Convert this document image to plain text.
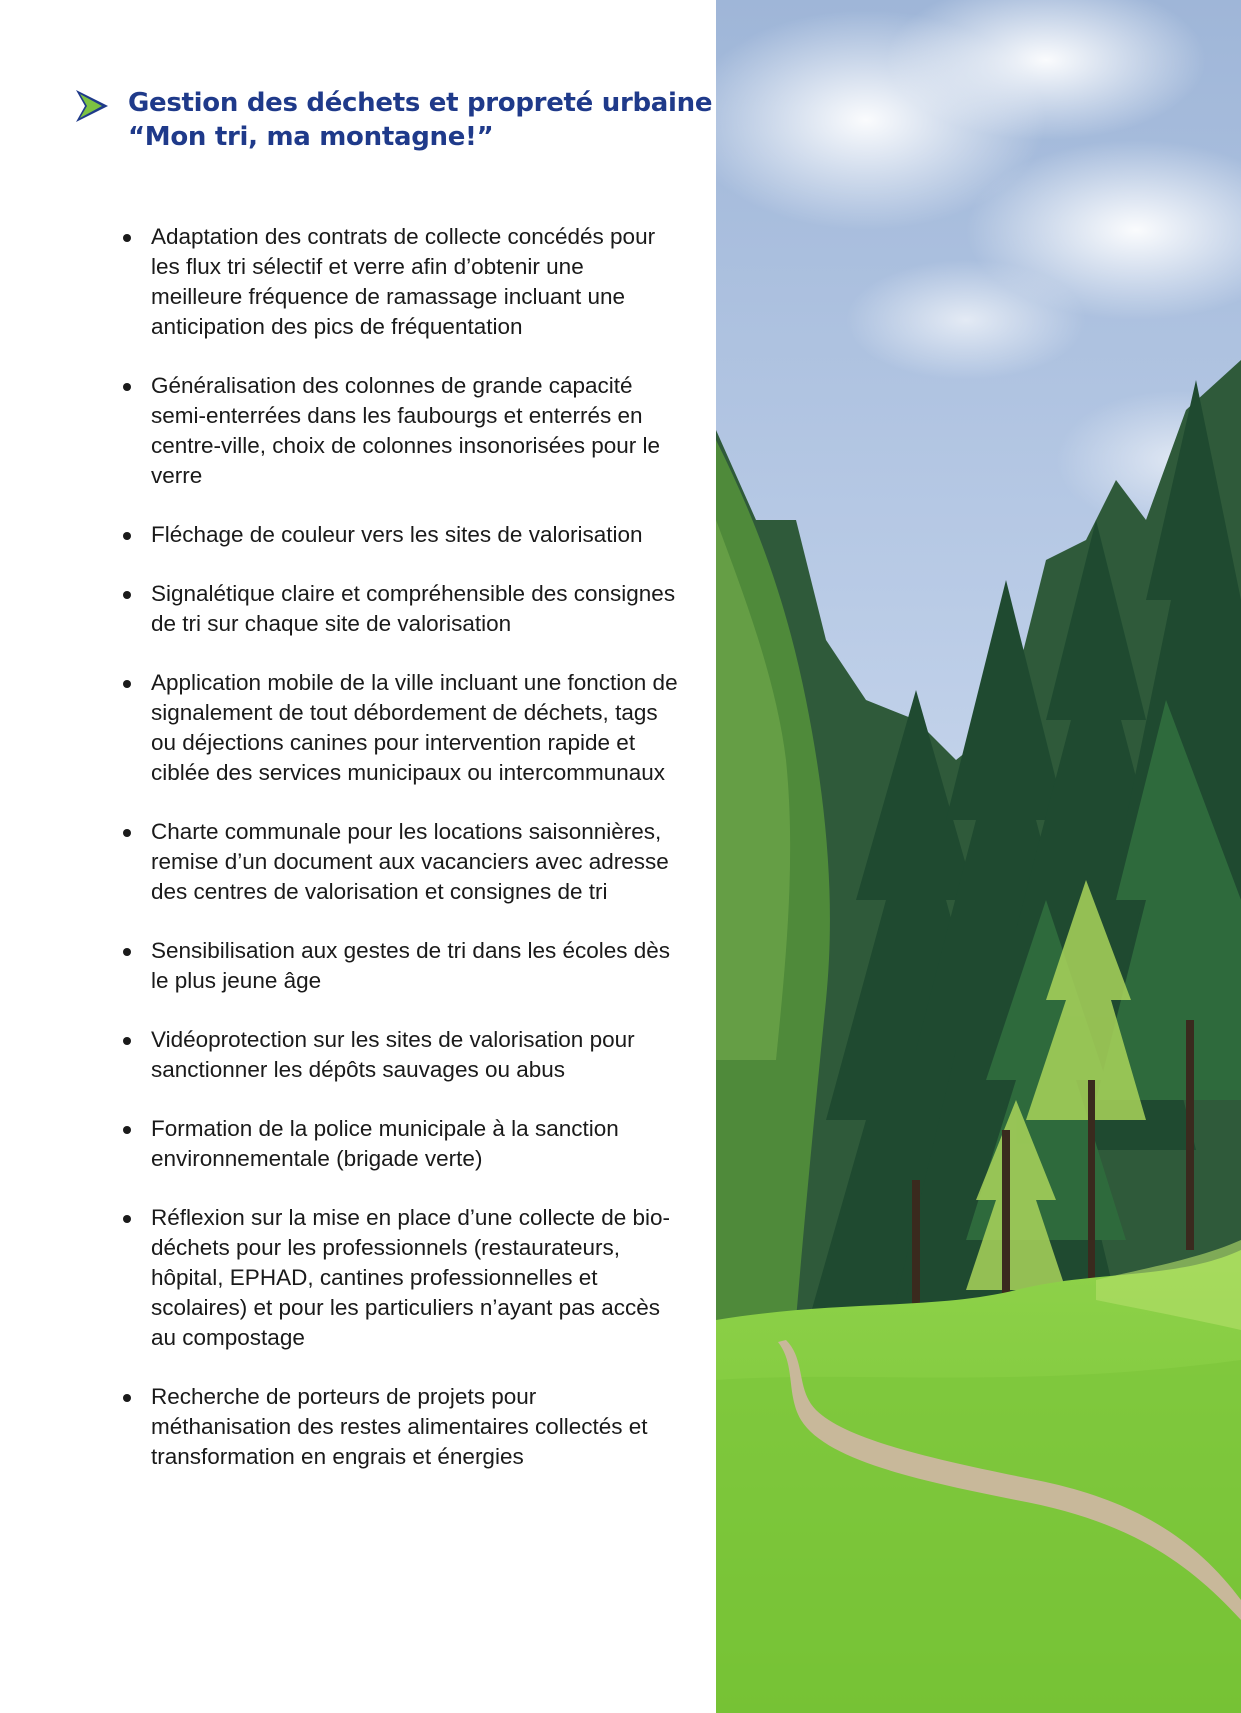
Gestion des déchets et propreté urbaine
“Mon tri, ma montagne!”
Adaptation des contrats de collecte concédés pour les flux tri sélectif et verre afin d’obtenir une meilleure fréquence de ramassage incluant une anticipation des pics de fréquentation
Généralisation des colonnes de grande capacité semi-enterrées dans les faubourgs et enterrés en centre-ville, choix de colonnes insonorisées pour le verre
Fléchage de couleur vers les sites de valorisation
Signalétique claire et compréhensible des consignes de tri sur chaque site de valorisation
Application mobile de la ville incluant une fonction de signalement de tout débordement de déchets, tags ou déjections canines pour intervention rapide et ciblée des services municipaux ou intercommunaux
Charte communale pour les locations saisonnières, remise d’un document aux vacanciers avec adresse des centres de valorisation et consignes de tri
Sensibilisation aux gestes de tri dans les écoles dès le plus jeune âge
Vidéoprotection sur les sites de valorisation pour sanctionner les dépôts sauvages ou abus
Formation de la police municipale à la sanction environnementale (brigade verte)
Réflexion sur la mise en place d’une collecte de bio-déchets pour les professionnels (restaurateurs, hôpital, EPHAD, cantines professionnelles et scolaires) et pour les particuliers n’ayant pas accès au compostage
Recherche de porteurs de projets pour méthanisation des restes alimentaires collectés et transformation en engrais et énergies
